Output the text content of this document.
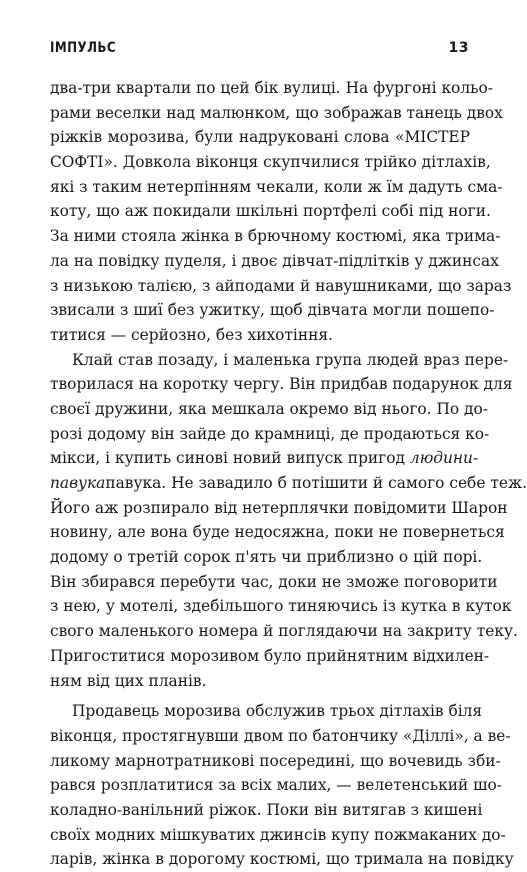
ІМПУЛЬС	13
два-три квартали по цей бік вулиці. На фургоні кольо-
рами веселки над малюнком, що зображав танець двох
ріжків морозива, були надруковані слова «МІСТЕР
СОФТІ». Довкола віконця скупчилися трійко дітлахів,
які з таким нетерпінням чекали, коли ж їм дадуть сма-
коту, що аж покидали шкільні портфелі собі під ноги.
За ними стояла жінка в брючному костюмі, яка трима-
ла на повідку пуделя, і двоє дівчат-підлітків у джинсах
з низькою талією, з айподами й навушниками, що зараз
звисали з шиї без ужитку, щоб дівчата могли пошепо-
титися — серйозно, без хихотіння.
Клай став позаду, і маленька група людей враз пере-
творилася на коротку чергу. Він придбав подарунок для
своєї дружини, яка мешкала окремо від нього. По до-
розі додому він зайде до крамниці, де продаються ко-
мікси, і купить синові новий випуск пригод людини-
павукапавука. Не завадило б потішити й самого себе теж.
Його аж розпирало від нетерплячки повідомити Шарон
новину, але вона буде недосяжна, поки не повернеться
додому о третій сорок п'ять чи приблизно о цій порі.
Він збирався перебути час, доки не зможе поговорити
з нею, у мотелі, здебільшого тиняючись із кутка в куток
свого маленького номера й поглядаючи на закриту теку.
Пригоститися морозивом було прийнятним відхилен-
ням від цих планів.
Продавець морозива обслужив трьох дітлахів біля
віконця, простягнувши двом по батончику «Діллі», а ве-
ликому марнотратникові посередині, що вочевидь зби-
рався розплатитися за всіх малих, — велетенський шо-
коладно-ванільний ріжок. Поки він витягав з кишені
своїх модних мішкуватих джинсів купу пожмаканих до-
ларів, жінка в дорогому костюмі, що тримала на повідку
